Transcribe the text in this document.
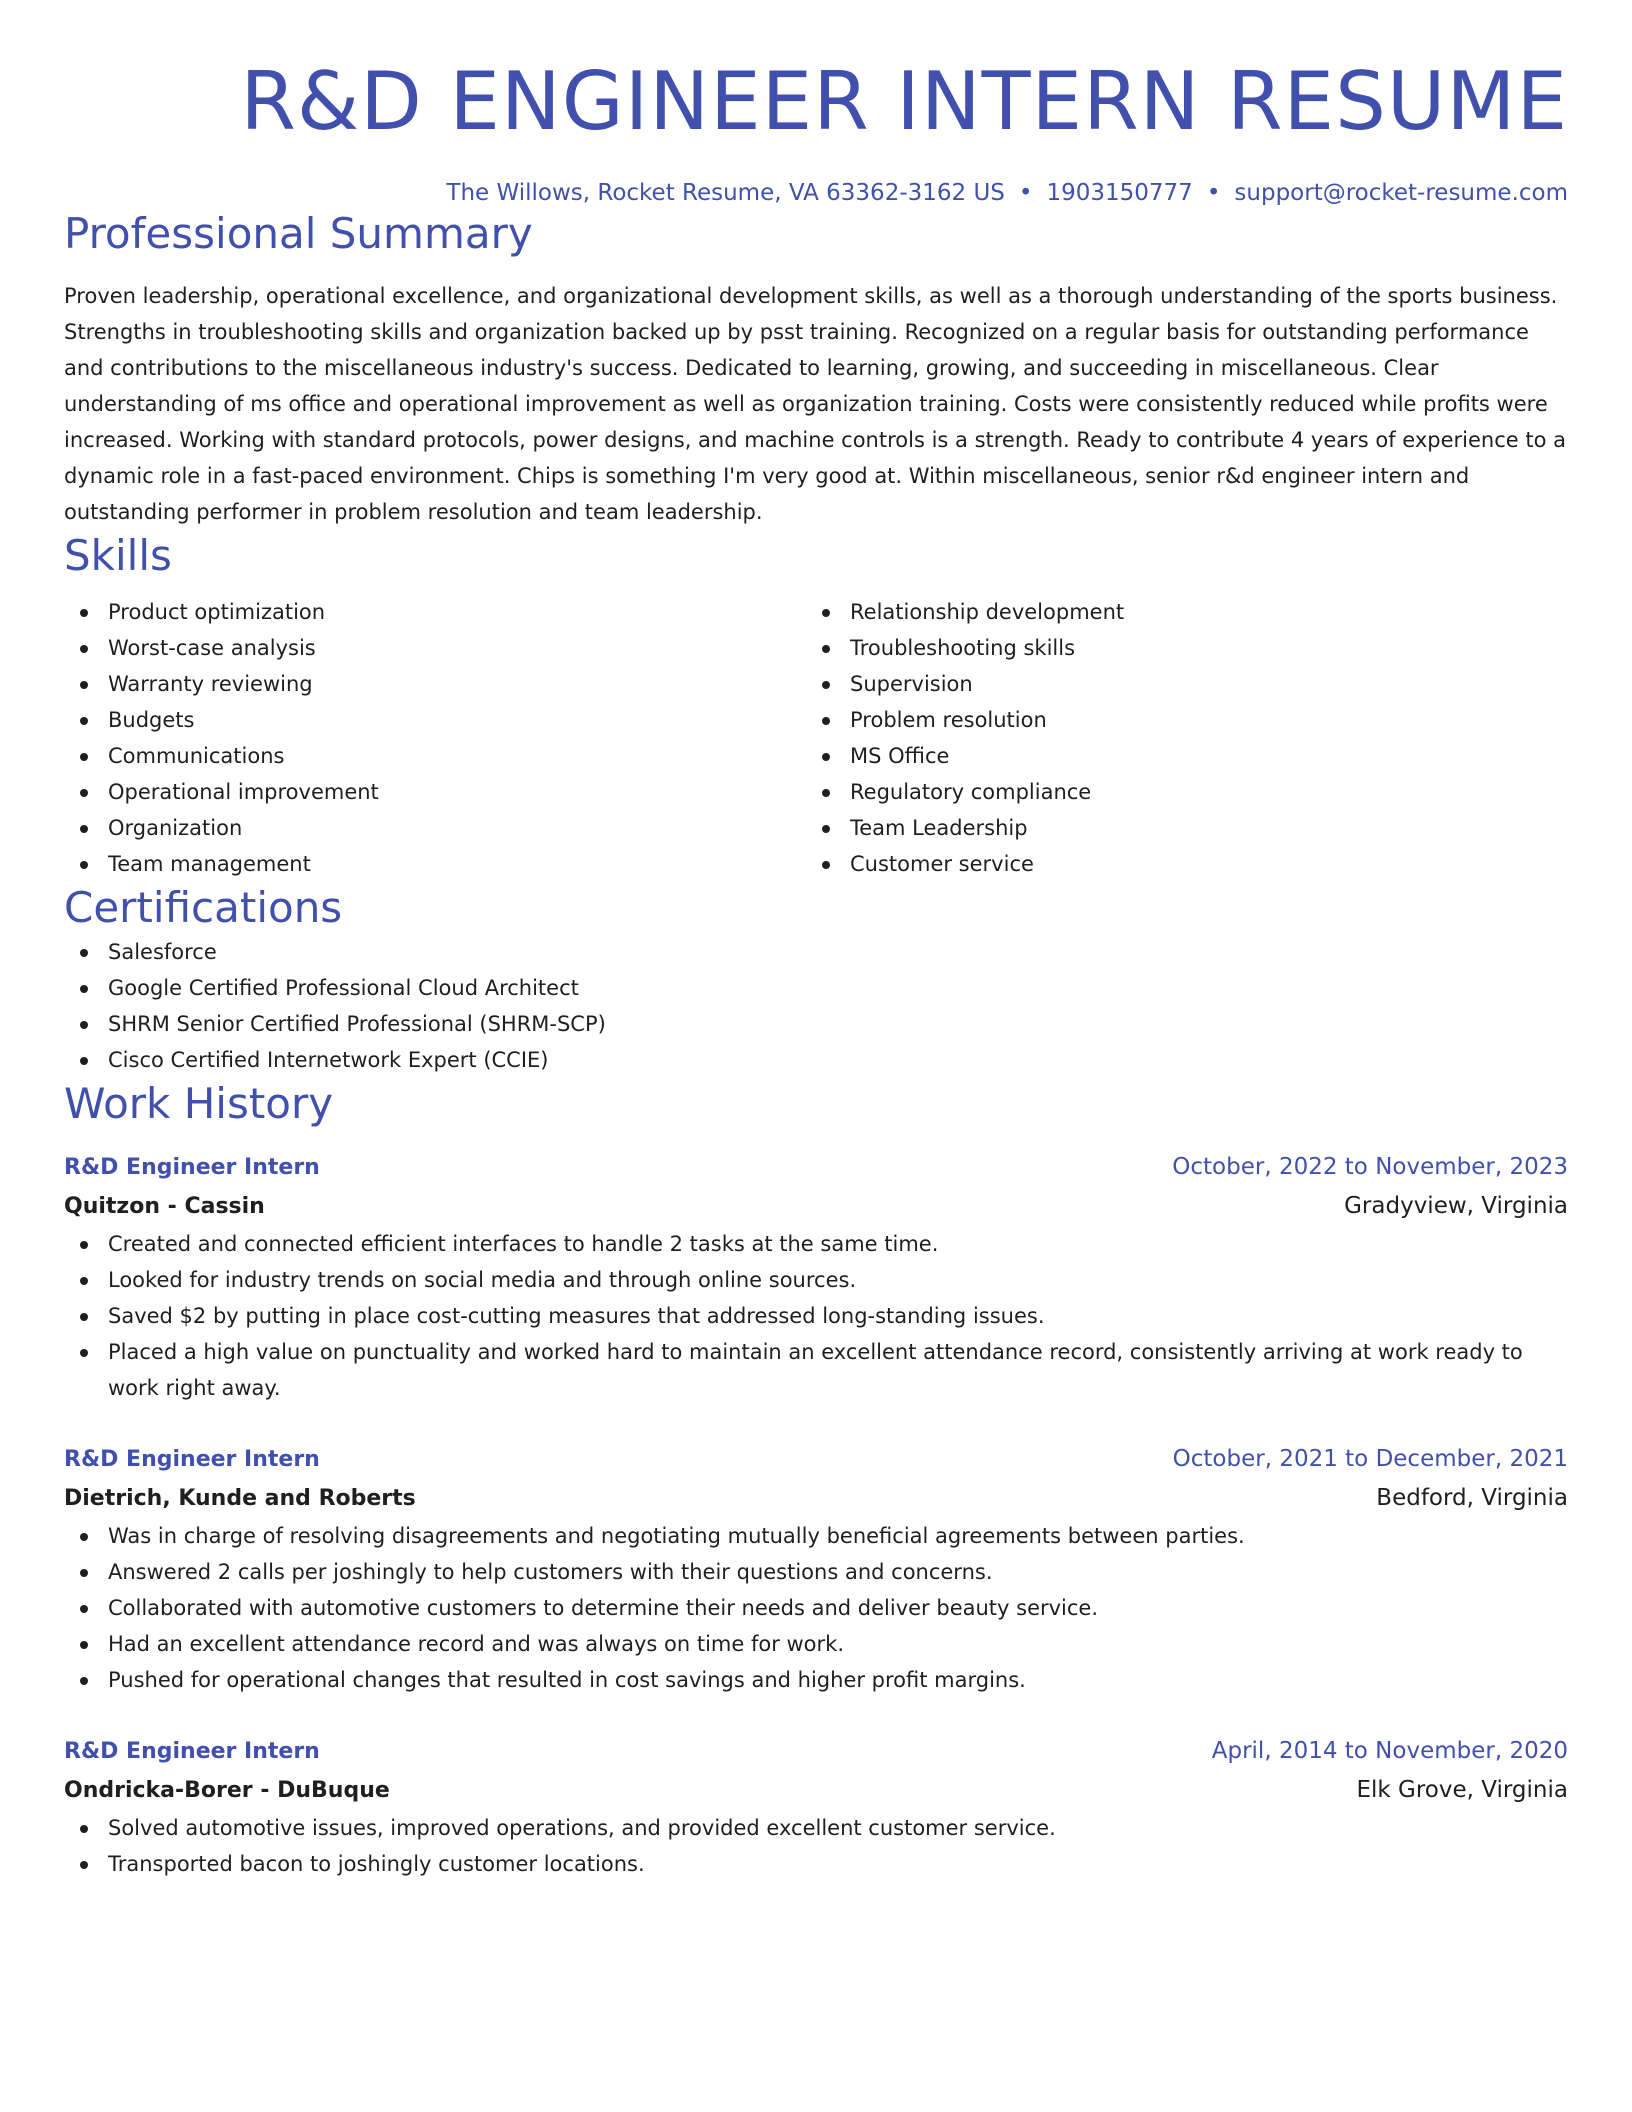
R&D ENGINEER INTERN RESUME
The Willows, Rocket Resume, VA 63362-3162 US • 1903150777 • support@rocket-resume.com
Professional Summary
Proven leadership, operational excellence, and organizational development skills, as well as a thorough understanding of the sports business. Strengths in troubleshooting skills and organization backed up by psst training. Recognized on a regular basis for outstanding performance and contributions to the miscellaneous industry's success. Dedicated to learning, growing, and succeeding in miscellaneous. Clear understanding of ms office and operational improvement as well as organization training. Costs were consistently reduced while profits were increased. Working with standard protocols, power designs, and machine controls is a strength. Ready to contribute 4 years of experience to a dynamic role in a fast-paced environment. Chips is something I'm very good at. Within miscellaneous, senior r&d engineer intern and outstanding performer in problem resolution and team leadership.
Skills
Product optimization
Worst-case analysis
Warranty reviewing
Budgets
Communications
Operational improvement
Organization
Team management
Relationship development
Troubleshooting skills
Supervision
Problem resolution
MS Office
Regulatory compliance
Team Leadership
Customer service
Certifications
Salesforce
Google Certified Professional Cloud Architect
SHRM Senior Certified Professional (SHRM-SCP)
Cisco Certified Internetwork Expert (CCIE)
Work History
R&D Engineer Intern	October, 2022 to November, 2023
Quitzon - Cassin	Gradyview, Virginia
Created and connected efficient interfaces to handle 2 tasks at the same time.
Looked for industry trends on social media and through online sources.
Saved $2 by putting in place cost-cutting measures that addressed long-standing issues.
Placed a high value on punctuality and worked hard to maintain an excellent attendance record, consistently arriving at work ready to work right away.
R&D Engineer Intern	October, 2021 to December, 2021
Dietrich, Kunde and Roberts	Bedford, Virginia
Was in charge of resolving disagreements and negotiating mutually beneficial agreements between parties.
Answered 2 calls per joshingly to help customers with their questions and concerns.
Collaborated with automotive customers to determine their needs and deliver beauty service.
Had an excellent attendance record and was always on time for work.
Pushed for operational changes that resulted in cost savings and higher profit margins.
R&D Engineer Intern	April, 2014 to November, 2020
Ondricka-Borer - DuBuque	Elk Grove, Virginia
Solved automotive issues, improved operations, and provided excellent customer service.
Transported bacon to joshingly customer locations.
